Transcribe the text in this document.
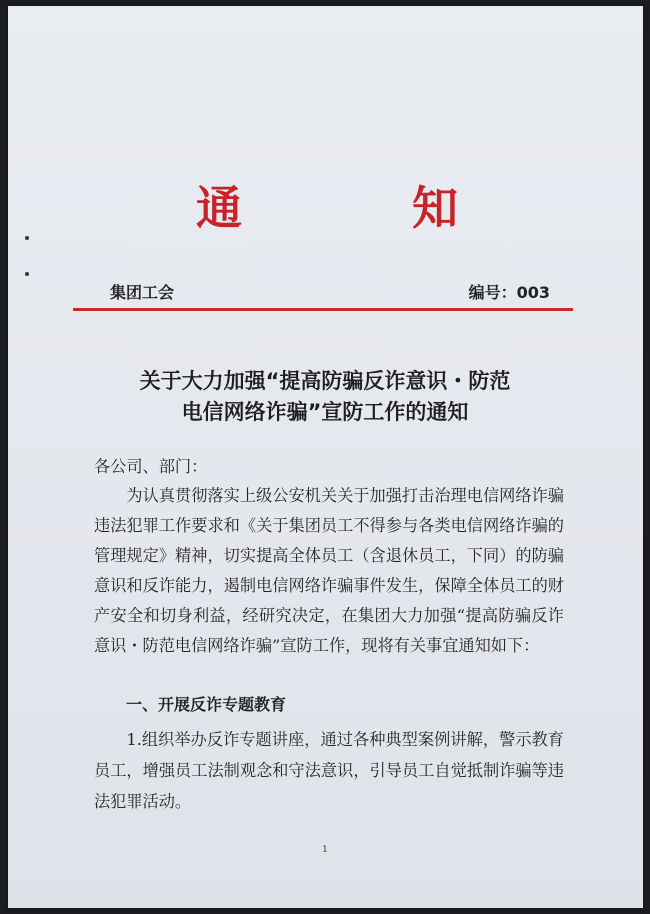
通	知
集团工会	编号：003
关于大力加强“提高防骗反诈意识・防范
电信网络诈骗”宣防工作的通知
各公司、部门：
为认真贯彻落实上级公安机关关于加强打击治理电信网络诈骗违法犯罪工作要求和《关于集团员工不得参与各类电信网络诈骗的管理规定》精神，切实提高全体员工（含退休员工，下同）的防骗意识和反诈能力，遏制电信网络诈骗事件发生，保障全体员工的财产安全和切身利益，经研究决定，在集团大力加强“提高防骗反诈意识・防范电信网络诈骗”宣防工作，现将有关事宜通知如下：
一、开展反诈专题教育
1.组织举办反诈专题讲座，通过各种典型案例讲解，警示教育员工，增强员工法制观念和守法意识，引导员工自觉抵制诈骗等违法犯罪活动。
1
